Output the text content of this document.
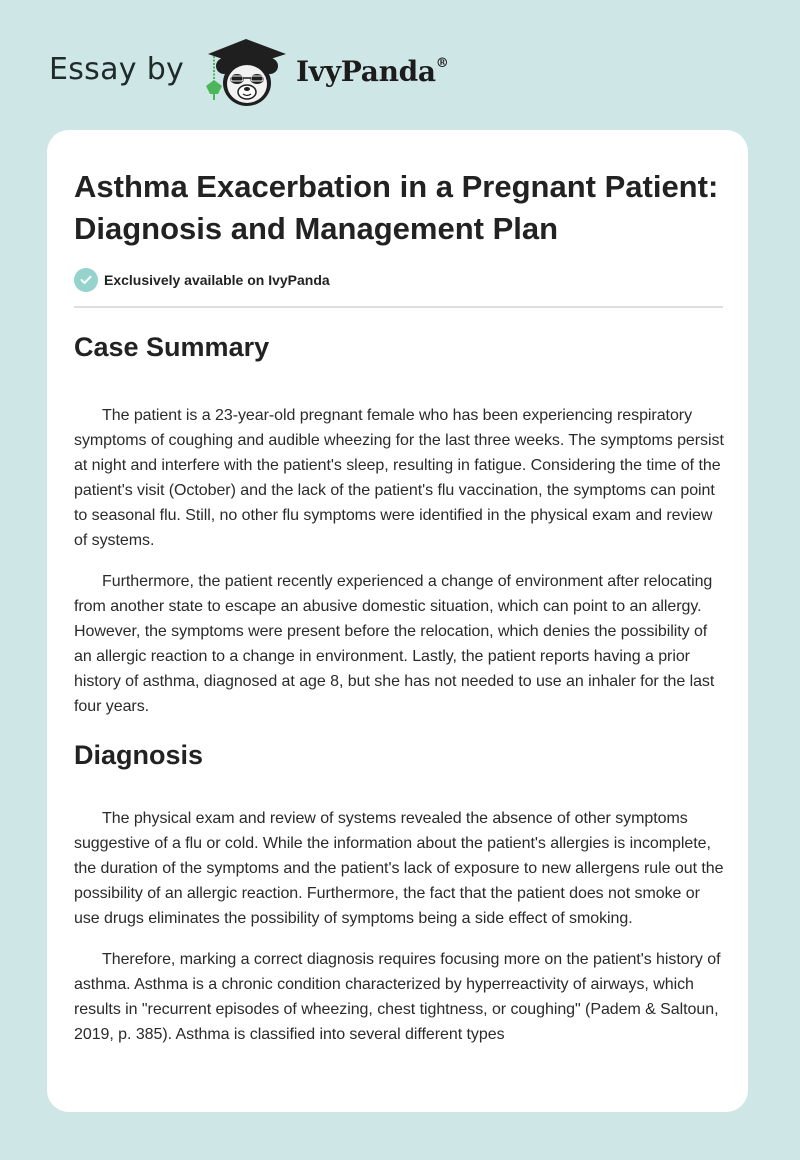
Essay by	IvyPanda®
Asthma Exacerbation in a Pregnant Patient: Diagnosis and Management Plan
Exclusively available on IvyPanda
Case Summary

The patient is a 23-year-old pregnant female who has been experiencing respiratory symptoms of coughing and audible wheezing for the last three weeks. The symptoms persist at night and interfere with the patient's sleep, resulting in fatigue. Considering the time of the patient's visit (October) and the lack of the patient's flu vaccination, the symptoms can point to seasonal flu. Still, no other flu symptoms were identified in the physical exam and review of systems.

Furthermore, the patient recently experienced a change of environment after relocating from another state to escape an abusive domestic situation, which can point to an allergy. However, the symptoms were present before the relocation, which denies the possibility of an allergic reaction to a change in environment. Lastly, the patient reports having a prior history of asthma, diagnosed at age 8, but she has not needed to use an inhaler for the last four years.

Diagnosis

The physical exam and review of systems revealed the absence of other symptoms suggestive of a flu or cold. While the information about the patient's allergies is incomplete, the duration of the symptoms and the patient's lack of exposure to new allergens rule out the possibility of an allergic reaction. Furthermore, the fact that the patient does not smoke or use drugs eliminates the possibility of symptoms being a side effect of smoking.

Therefore, marking a correct diagnosis requires focusing more on the patient's history of asthma. Asthma is a chronic condition characterized by hyperreactivity of airways, which results in "recurrent episodes of wheezing, chest tightness, or coughing" (Padem & Saltoun, 2019, p. 385). Asthma is classified into several different types
